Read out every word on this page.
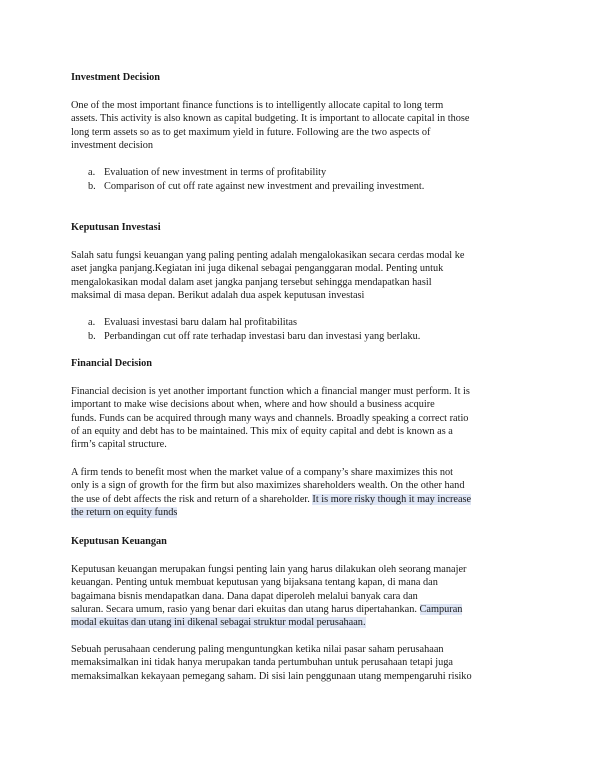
Investment Decision
One of the most important finance functions is to intelligently allocate capital to long term
assets. This activity is also known as capital budgeting. It is important to allocate capital in those
long term assets so as to get maximum yield in future. Following are the two aspects of
investment decision
a. Evaluation of new investment in terms of profitability
b. Comparison of cut off rate against new investment and prevailing investment.
Keputusan Investasi
Salah satu fungsi keuangan yang paling penting adalah mengalokasikan secara cerdas modal ke
aset jangka panjang.Kegiatan ini juga dikenal sebagai penganggaran modal. Penting untuk
mengalokasikan modal dalam aset jangka panjang tersebut sehingga mendapatkan hasil
maksimal di masa depan. Berikut adalah dua aspek keputusan investasi
a. Evaluasi investasi baru dalam hal profitabilitas
b. Perbandingan cut off rate terhadap investasi baru dan investasi yang berlaku.
Financial Decision
Financial decision is yet another important function which a financial manger must perform. It is
important to make wise decisions about when, where and how should a business acquire
funds. Funds can be acquired through many ways and channels. Broadly speaking a correct ratio
of an equity and debt has to be maintained. This mix of equity capital and debt is known as a
firm’s capital structure.
A firm tends to benefit most when the market value of a company’s share maximizes this not
only is a sign of growth for the firm but also maximizes shareholders wealth. On the other hand
the use of debt affects the risk and return of a shareholder. It is more risky though it may increase
the return on equity funds
Keputusan Keuangan
Keputusan keuangan merupakan fungsi penting lain yang harus dilakukan oleh seorang manajer
keuangan. Penting untuk membuat keputusan yang bijaksana tentang kapan, di mana dan
bagaimana bisnis mendapatkan dana. Dana dapat diperoleh melalui banyak cara dan
saluran. Secara umum, rasio yang benar dari ekuitas dan utang harus dipertahankan. Campuran
modal ekuitas dan utang ini dikenal sebagai struktur modal perusahaan.
Sebuah perusahaan cenderung paling menguntungkan ketika nilai pasar saham perusahaan
memaksimalkan ini tidak hanya merupakan tanda pertumbuhan untuk perusahaan tetapi juga
memaksimalkan kekayaan pemegang saham. Di sisi lain penggunaan utang mempengaruhi risiko
